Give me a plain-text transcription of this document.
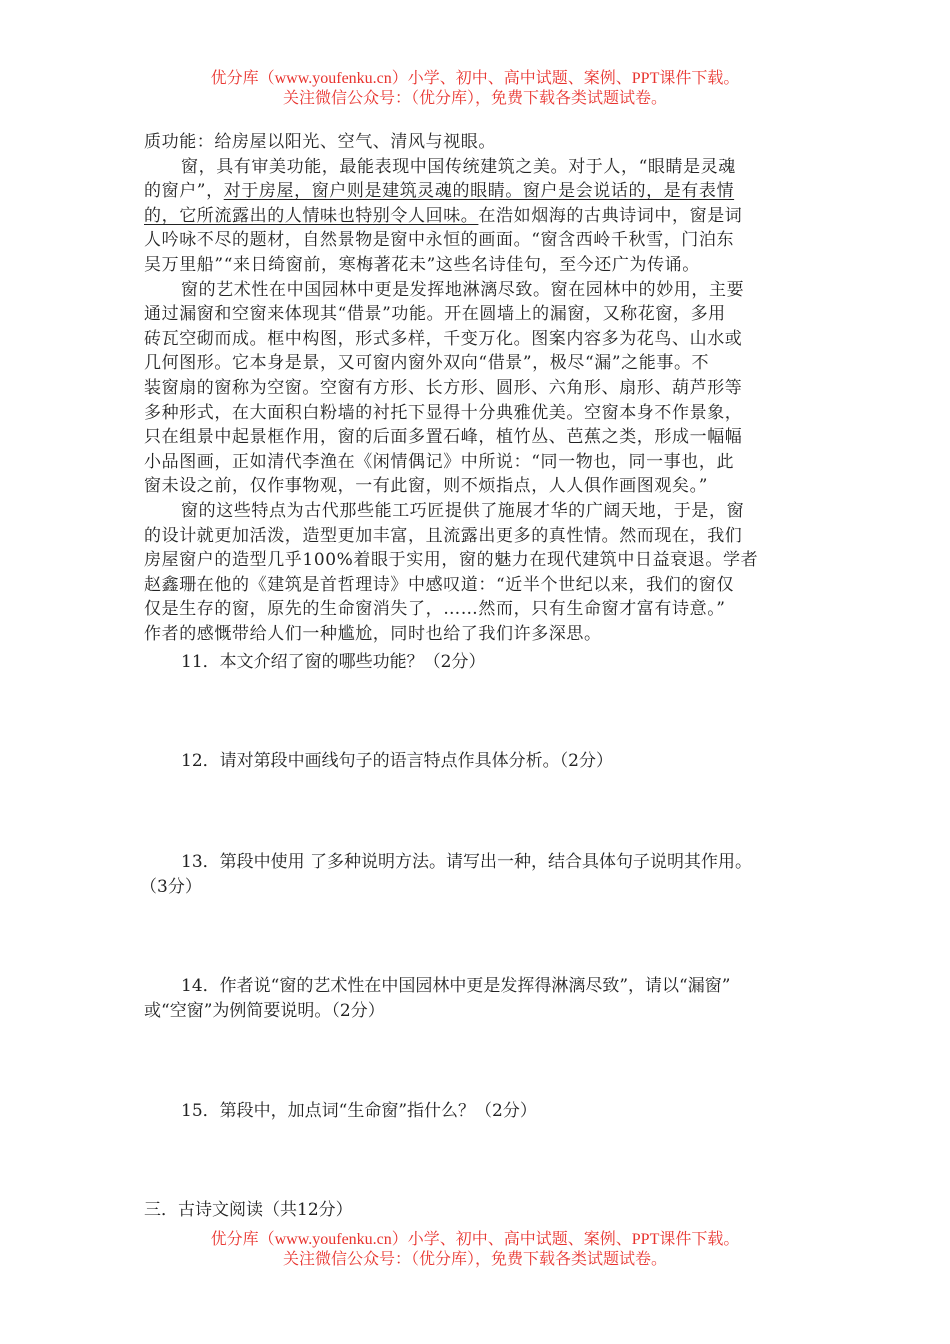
优分库（www.youfenku.cn）小学、初中、高中试题、案例、PPT课件下载。
关注微信公众号：（优分库），免费下载各类试题试卷。
质功能：给房屋以阳光、空气、清风与视眼。
窗，具有审美功能，最能表现中国传统建筑之美。对于人，“眼睛是灵魂
的窗户”，对于房屋，窗户则是建筑灵魂的眼睛。窗户是会说话的，是有表情
的，它所流露出的人情味也特别令人回味。在浩如烟海的古典诗词中，窗是词
人吟咏不尽的题材，自然景物是窗中永恒的画面。“窗含西岭千秋雪，门泊东
吴万里船”“来日绮窗前，寒梅著花未”这些名诗佳句，至今还广为传诵。
窗的艺术性在中国园林中更是发挥地淋漓尽致。窗在园林中的妙用，主要
通过漏窗和空窗来体现其“借景”功能。开在圆墙上的漏窗，又称花窗，多用
砖瓦空砌而成。框中构图，形式多样，千变万化。图案内容多为花鸟、山水或
几何图形。它本身是景，又可窗内窗外双向“借景”，极尽“漏”之能事。不
装窗扇的窗称为空窗。空窗有方形、长方形、圆形、六角形、扇形、葫芦形等
多种形式，在大面积白粉墙的衬托下显得十分典雅优美。空窗本身不作景象，
只在组景中起景框作用，窗的后面多置石峰，植竹丛、芭蕉之类，形成一幅幅
小品图画，正如清代李渔在《闲情偶记》中所说：“同一物也，同一事也，此
窗未设之前，仅作事物观，一有此窗，则不烦指点，人人俱作画图观矣。”
窗的这些特点为古代那些能工巧匠提供了施展才华的广阔天地，于是，窗
的设计就更加活泼，造型更加丰富，且流露出更多的真性情。然而现在，我们
房屋窗户的造型几乎100%着眼于实用，窗的魅力在现代建筑中日益衰退。学者
赵鑫珊在他的《建筑是首哲理诗》中感叹道：“近半个世纪以来，我们的窗仅
仅是生存的窗，原先的生命窗消失了，……然而，只有生命窗才富有诗意。”
作者的感慨带给人们一种尴尬，同时也给了我们许多深思。
11．本文介绍了窗的哪些功能？（2分）
12．请对第段中画线句子的语言特点作具体分析。（2分）
13．第段中使用 了多种说明方法。请写出一种，结合具体句子说明其作用。
（3分）
14．作者说“窗的艺术性在中国园林中更是发挥得淋漓尽致”，请以“漏窗”
或“空窗”为例简要说明。（2分）
15．第段中，加点词“生命窗”指什么？（2分）
三．古诗文阅读（共12分）
优分库（www.youfenku.cn）小学、初中、高中试题、案例、PPT课件下载。
关注微信公众号：（优分库），免费下载各类试题试卷。
